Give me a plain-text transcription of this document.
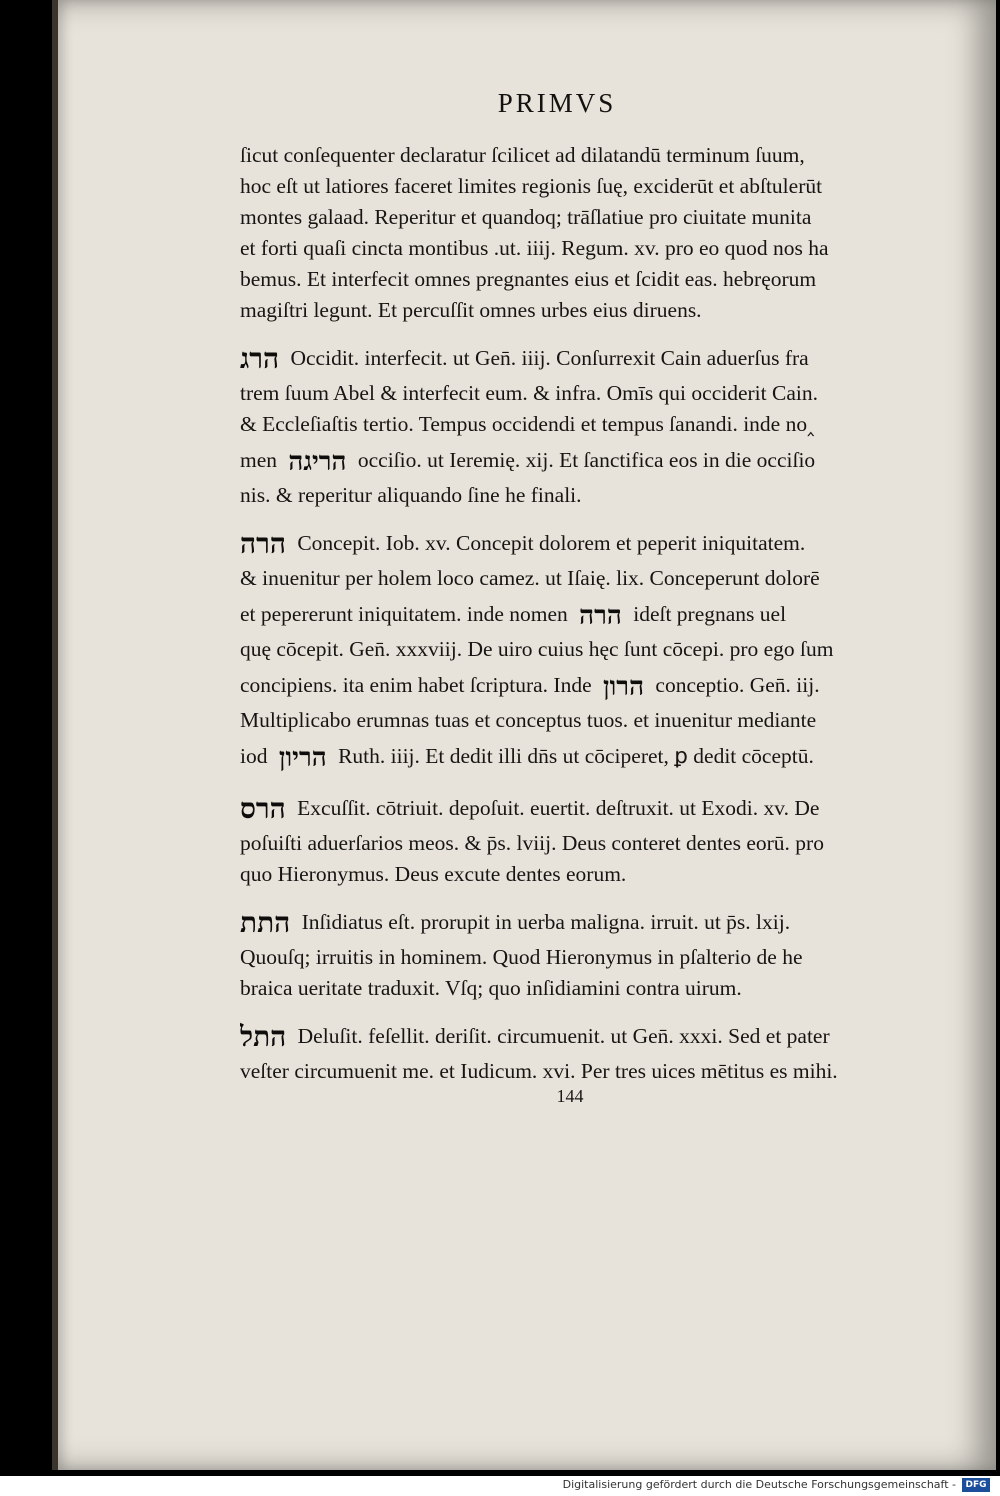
PRIMVS
ſicut conſequenter declaratur ſcilicet ad dilatandū terminum ſuum,
hoc eſt ut latiores faceret limites regionis ſuę, exciderūt et abſtulerūt
montes galaad. Reperitur et quandoq; trāſlatiue pro ciuitate munita
et forti quaſi cincta montibus .ut. iiij. Regum. xv. pro eo quod nos ha
bemus. Et interfecit omnes pregnantes eius et ſcidit eas. hebręorum
magiſtri legunt. Et percuſſit omnes urbes eius diruens.
הרג Occidit. interfecit. ut Gen̄. iiij. Conſurrexit Cain aduerſus fra
trem ſuum Abel & interfecit eum. & infra. Omīs qui occiderit Cain.
& Eccleſiaſtis tertio. Tempus occidendi et tempus ſanandi. inde no‸
men הריגה occiſio. ut Ieremię. xij. Et ſanctifica eos in die occiſio
nis. & reperitur aliquando ſine he finali.
הרה Concepit. Iob. xv. Concepit dolorem et peperit iniquitatem.
& inuenitur per holem loco camez. ut Iſaię. lix. Conceperunt dolorē
et pepererunt iniquitatem. inde nomen הרה ideſt pregnans uel
quę cōcepit. Gen̄. xxxviij. De uiro cuius hęc ſunt cōcepi. pro ego ſum
concipiens. ita enim habet ſcriptura. Inde הרון conceptio. Gen̄. iij.
Multiplicabo erumnas tuas et conceptus tuos. et inuenitur mediante
iod הריון Ruth. iiij. Et dedit illi dn̄s ut cōciperet, ꝑ dedit cōceptū.
הרס Excuſſit. cōtriuit. depoſuit. euertit. deſtruxit. ut Exodi. xv. De
poſuiſti aduerſarios meos. & p̄s. lviij. Deus conteret dentes eorū. pro
quo Hieronymus. Deus excute dentes eorum.
התת Inſidiatus eſt. prorupit in uerba maligna. irruit. ut p̄s. lxij.
Quouſq; irruitis in hominem. Quod Hieronymus in pſalterio de he
braica ueritate traduxit. Vſq; quo inſidiamini contra uirum.
התל Deluſit. feſellit. deriſit. circumuenit. ut Gen̄. xxxi. Sed et pater
veſter circumuenit me. et Iudicum. xvi. Per tres uices mētitus es mihi.
144
Digitalisierung gefördert durch die Deutsche Forschungsgemeinschaft -	DFG
